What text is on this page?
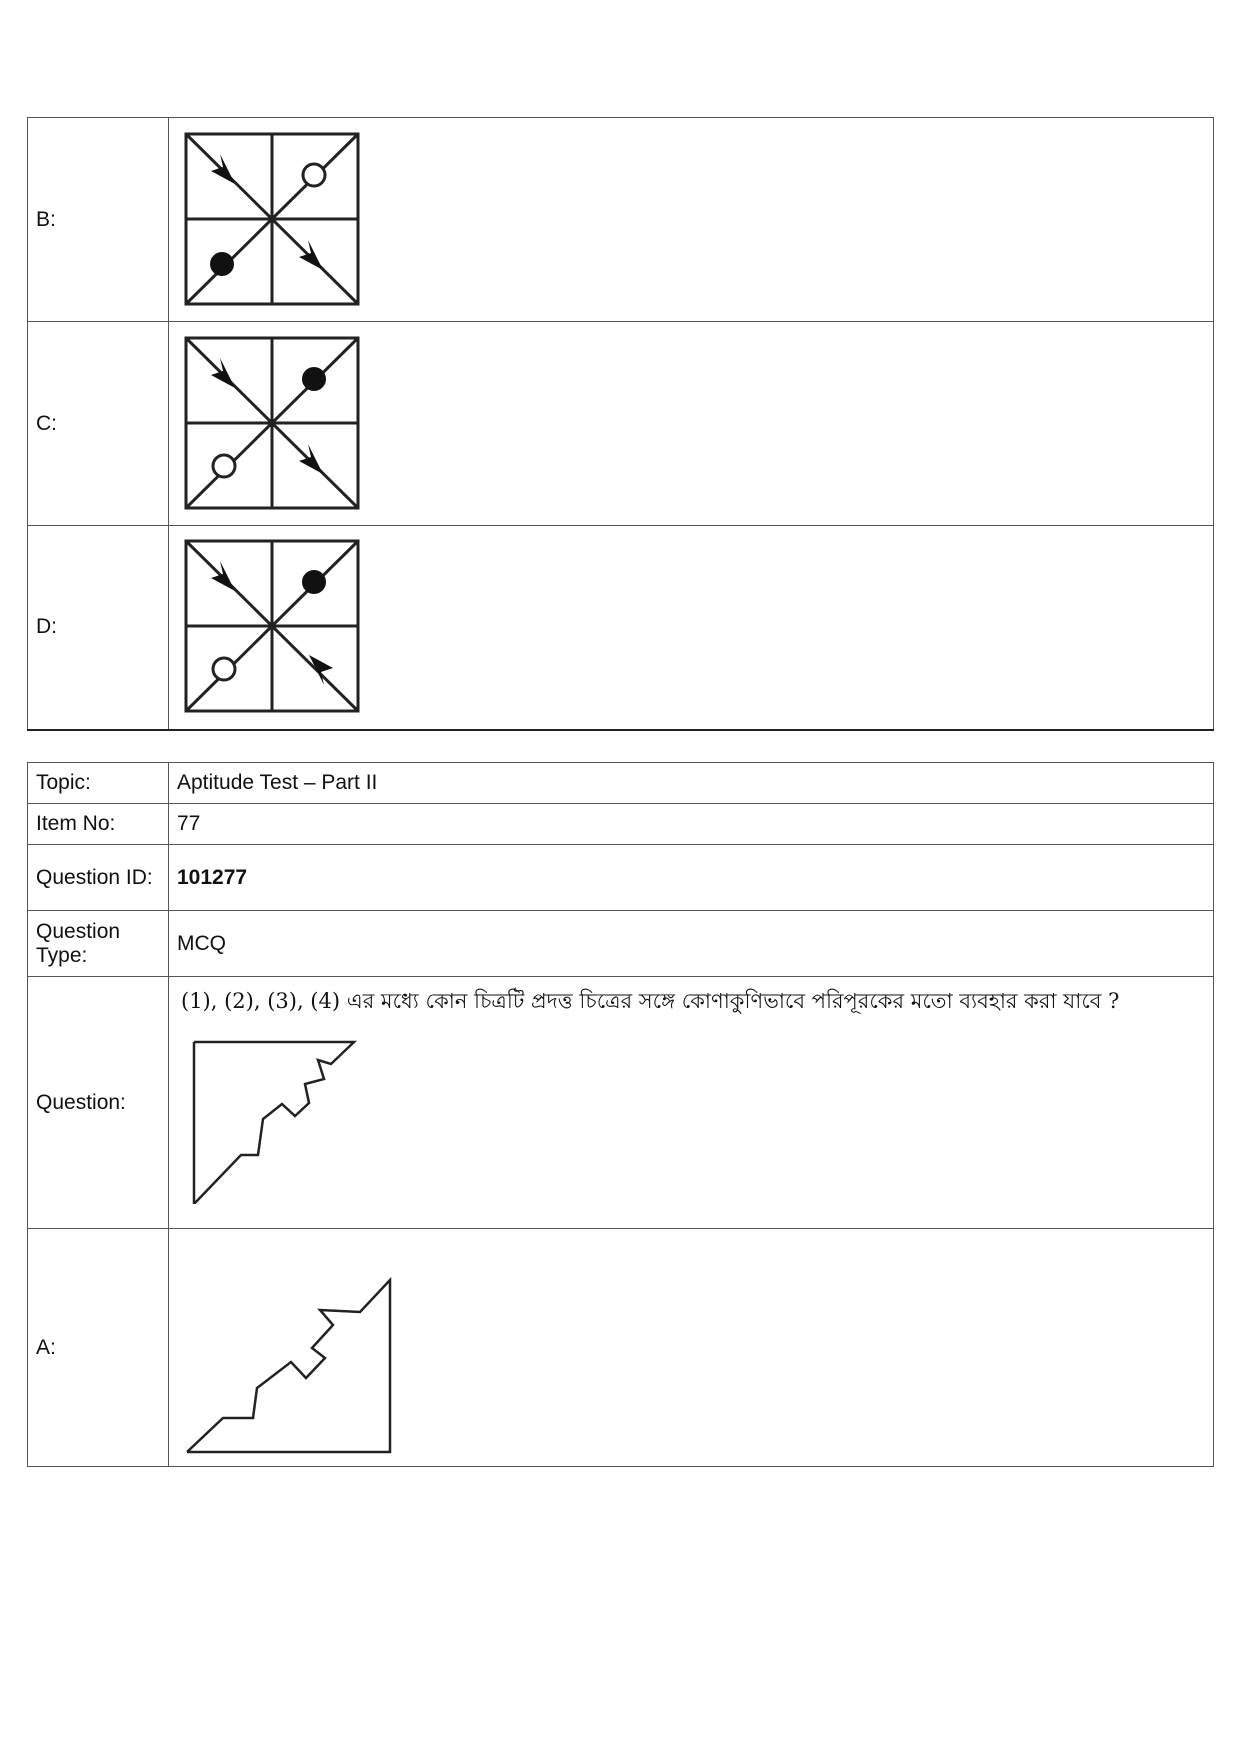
B:	

C:	

D:	
Topic:	Aptitude Test – Part II
Item No:	77
Question ID:	101277
Question Type:	MCQ
Question:	(1), (2), (3), (4) এর মধ্যে কোন চিত্রটি প্রদত্ত চিত্রের সঙ্গে কোণাকুণিভাবে পরিপূরকের মতো ব্যবহার করা যাবে ?

A:	
